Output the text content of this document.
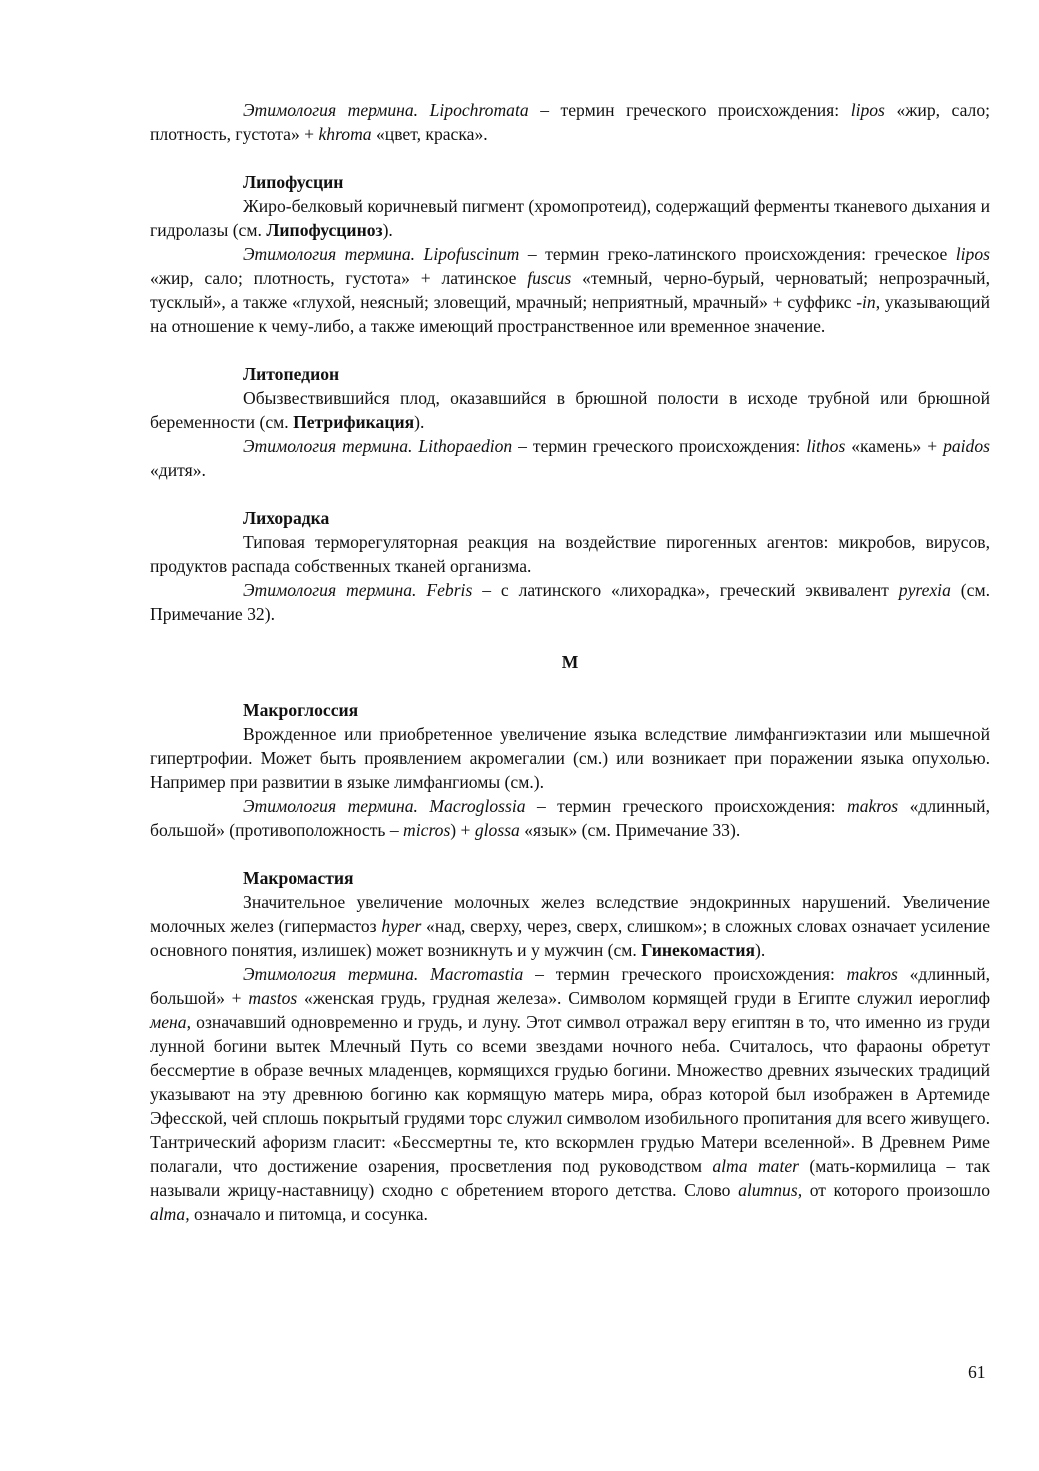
Этимология термина. Lipochromata – термин греческого происхождения: lipos «жир, сало; плотность, густота» + khroma «цвет, краска».

Липофусцин

Жиро-белковый коричневый пигмент (хромопротеид), содержащий ферменты тканевого дыхания и гидролазы (см. Липофусциноз).

Этимология термина. Lipofuscinum – термин греко-латинского происхождения: греческое lipos «жир, сало; плотность, густота» + латинское fuscus «темный, черно-бурый, черноватый; непрозрачный, тусклый», а также «глухой, неясный; зловещий, мрачный; неприятный, мрачный» + суффикс -in, указывающий на отношение к чему-либо, а также имеющий пространственное или временное значение.

Литопедион

Обызвествившийся плод, оказавшийся в брюшной полости в исходе трубной или брюшной беременности (см. Петрификация).

Этимология термина. Lithopaedion – термин греческого происхождения: lithos «камень» + paidos «дитя».

Лихорадка

Типовая терморегуляторная реакция на воздействие пирогенных агентов: микробов, вирусов, продуктов распада собственных тканей организма.

Этимология термина. Febris – с латинского «лихорадка», греческий эквивалент pyrexia (см. Примечание 32).

М

Макроглоссия

Врожденное или приобретенное увеличение языка вследствие лимфангиэктазии или мышечной гипертрофии. Может быть проявлением акромегалии (см.) или возникает при поражении языка опухолью. Например при развитии в языке лимфангиомы (см.).

Этимология термина. Macroglossia – термин греческого происхождения: makros «длинный, большой» (противоположность – micros) + glossa «язык» (см. Примечание 33).

Макромастия

Значительное увеличение молочных желез вследствие эндокринных нарушений. Увеличение молочных желез (гипермастоз hyper «над, сверху, через, сверх, слишком»; в сложных словах означает усиление основного понятия, излишек) может возникнуть и у мужчин (см. Гинекомастия).

Этимология термина. Macromastia – термин греческого происхождения: makros «длинный, большой» + mastos «женская грудь, грудная железа». Символом кормящей груди в Египте служил иероглиф мена, означавший одновременно и грудь, и луну. Этот символ отражал веру египтян в то, что именно из груди лунной богини вытек Млечный Путь со всеми звездами ночного неба. Считалось, что фараоны обретут бессмертие в образе вечных младенцев, кормящихся грудью богини. Множество древних языческих традиций указывают на эту древнюю богиню как кормящую матерь мира, образ которой был изображен в Артемиде Эфесской, чей сплошь покрытый грудями торс служил символом изобильного пропитания для всего живущего. Тантрический афоризм гласит: «Бессмертны те, кто вскормлен грудью Матери вселенной». В Древнем Риме полагали, что достижение озарения, просветления под руководством alma mater (мать-кормилица – так называли жрицу-наставницу) сходно с обретением второго детства. Слово alumnus, от которого произошло alma, означало и питомца, и сосунка.

61
